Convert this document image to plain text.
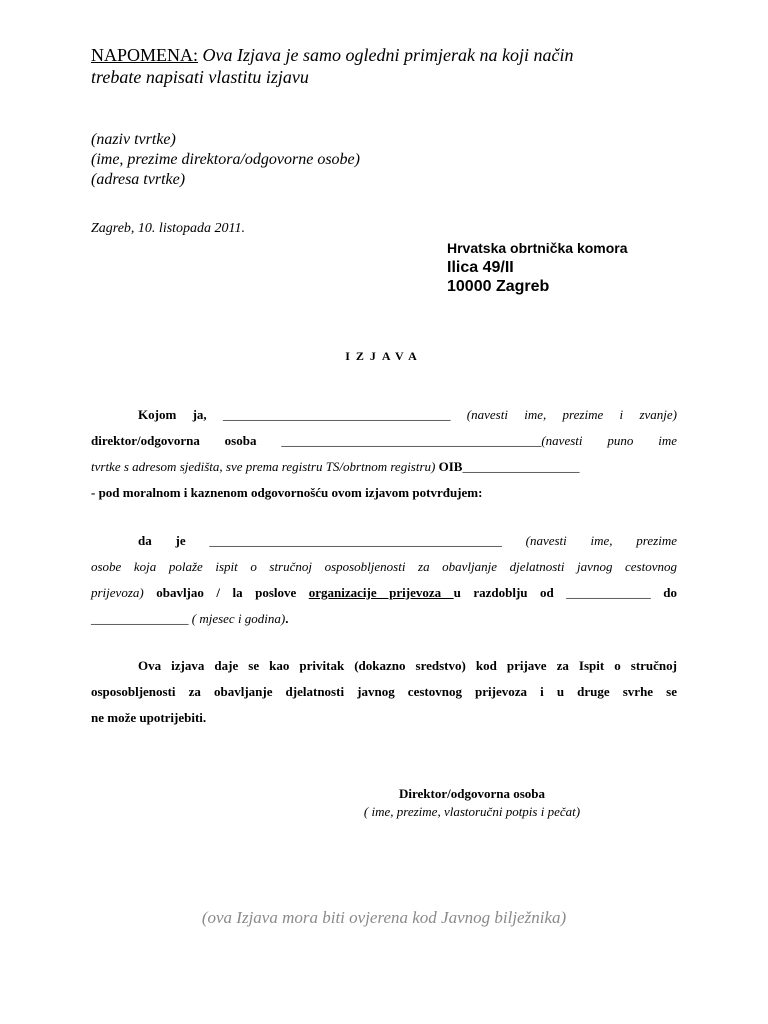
NAPOMENA: Ova Izjava je samo ogledni primjerak na koji način
trebate napisati vlastitu izjavu
(naziv tvrtke)
(ime, prezime direktora/odgovorne osobe)
(adresa tvrtke)
Zagreb, 10. listopada 2011.
Hrvatska obrtnička komora
Ilica 49/II
10000 Zagreb
IZJAVA
Kojom ja, ___________________________________ (navesti ime, prezime i zvanje)
direktor/odgovorna osoba ________________________________________(navesti puno ime
tvrtke s adresom sjedišta, sve prema registru TS/obrtnom registru) OIB__________________
- pod moralnom i kaznenom odgovornošću ovom izjavom potvrđujem:
da je _____________________________________________ (navesti ime, prezime
osobe koja polaže ispit o stručnoj osposobljenosti za obavljanje djelatnosti javnog cestovnog
prijevoza) obavljao / la poslove organizacije prijevoza u razdoblju od _____________ do
_______________ ( mjesec i godina).
Ova izjava daje se kao privitak (dokazno sredstvo) kod prijave za Ispit o stručnoj
osposobljenosti za obavljanje djelatnosti javnog cestovnog prijevoza i u druge svrhe se
ne može upotrijebiti.
Direktor/odgovorna osoba
( ime, prezime, vlastoručni potpis i pečat)
(ova Izjava mora biti ovjerena kod Javnog bilježnika)
